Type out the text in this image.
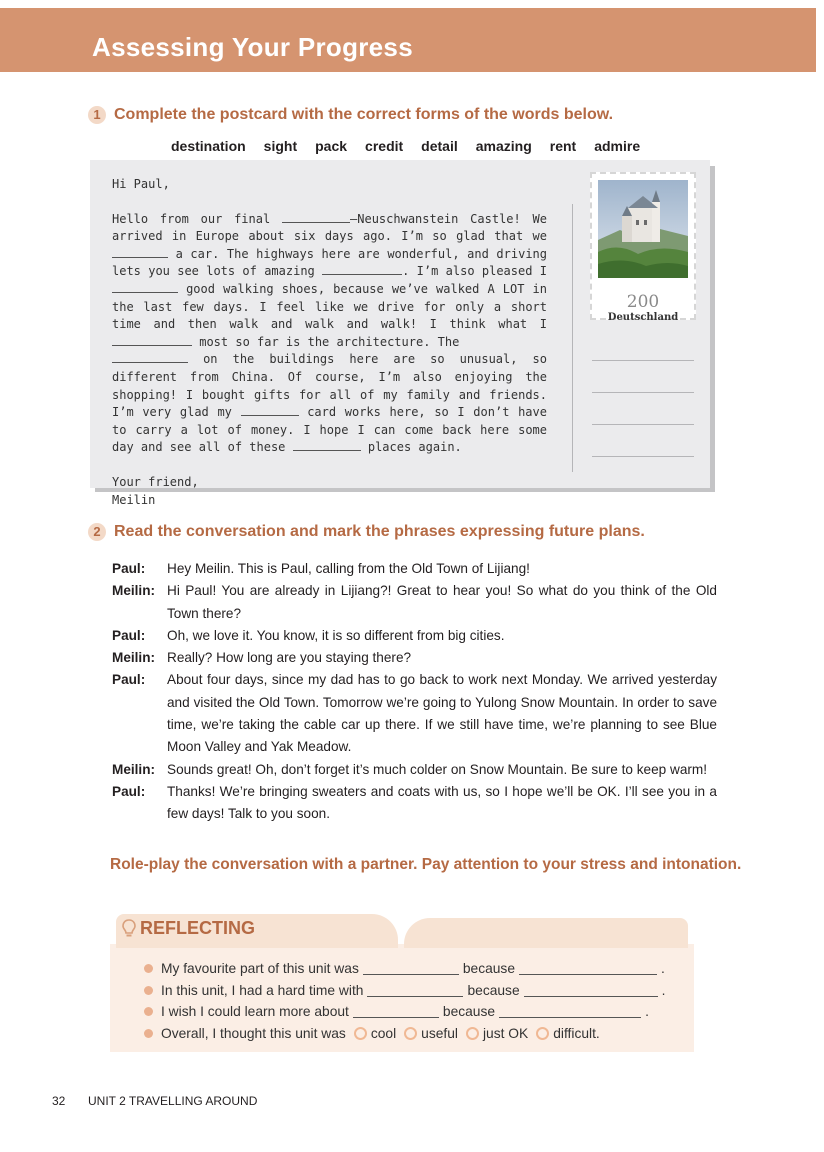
Assessing Your Progress
1 Complete the postcard with the correct forms of the words below.
destination sight pack credit detail amazing rent admire

Hi Paul,

Hello from our final	—Neuschwanstein Castle! We arrived in Europe about six days ago. I’m so glad that we  a car. The highways here are wonderful, and driving lets you see lots of amazing	. I’m also pleased I  good walking shoes, because we’ve walked A LOT in the last few days. I feel like we drive for only a short time and then walk and walk and walk! I think what I  most so far is the architecture. The
on the buildings here are so unusual, so different from China. Of course, I’m also enjoying the shopping! I bought gifts for all of my family and friends. I’m very glad my	card works here, so I don’t have to carry a lot of money. I hope I can come back here some day and see all of these	places again.

Your friend,
Meilin

200
Deutschland
2 Read the conversation and mark the phrases expressing future plans.
Paul:	Hey Meilin. This is Paul, calling from the Old Town of Lijiang!
Meilin: Hi Paul! You are already in Lijiang?! Great to hear you! So what do you think of the Old Town there?
Paul:	Oh, we love it. You know, it is so different from big cities.
Meilin: Really? How long are you staying there?
Paul:	About four days, since my dad has to go back to work next Monday. We arrived yesterday and visited the Old Town. Tomorrow we’re going to Yulong Snow Mountain. In order to save time, we’re taking the cable car up there. If we still have time, we’re planning to see Blue Moon Valley and Yak Meadow.
Meilin: Sounds great! Oh, don’t forget it’s much colder on Snow Mountain. Be sure to keep warm!
Paul:	Thanks! We’re bringing sweaters and coats with us, so I hope we’ll be OK. I’ll see you in a few days! Talk to you soon.
Role-play the conversation with a partner. Pay attention to your stress and intonation.
REFLECTING
My favourite part of this unit was	because	.
In this unit, I had a hard time with	because	.
I wish I could learn more about	because	.
Overall, I thought this unit was cool useful just OK difficult.
32 UNIT 2 TRAVELLING AROUND
